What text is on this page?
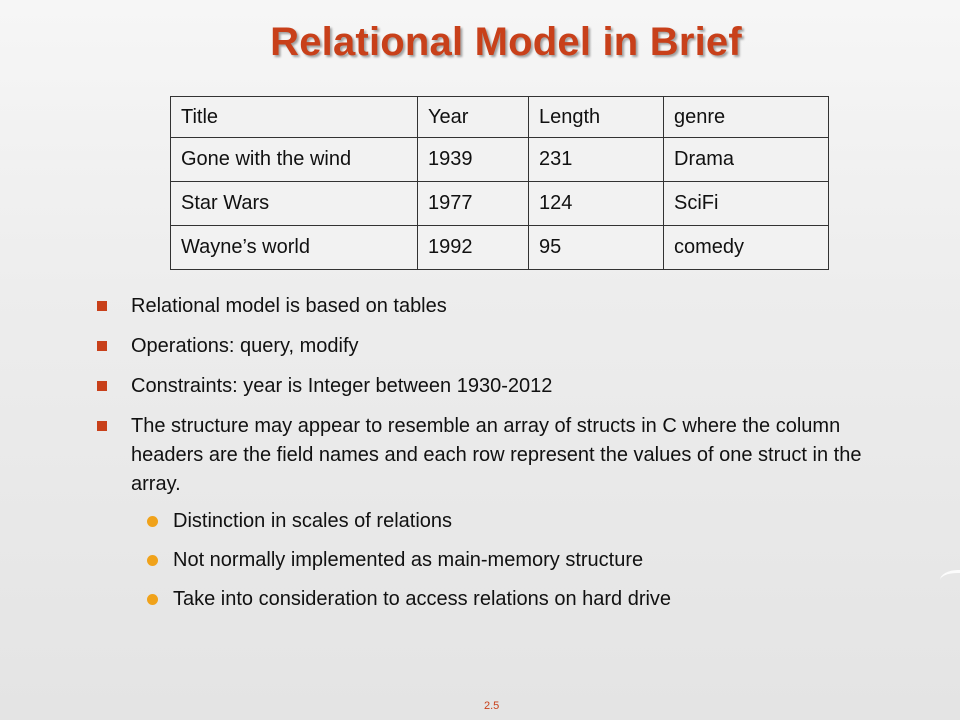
Relational Model in Brief
Title	Year	Length	genre
Gone with the wind	1939	231	Drama
Star Wars	1977	124	SciFi
Wayne’s world	1992	95	comedy
Relational model is based on tables
Operations: query, modify
Constraints: year is Integer between 1930-2012
The structure may appear to resemble an array of structs in C where the column headers are the field names and each row represent the values of one struct in the array.
Distinction in scales of relations
Not normally implemented as main-memory structure
Take into consideration to access relations on hard drive
2.5
